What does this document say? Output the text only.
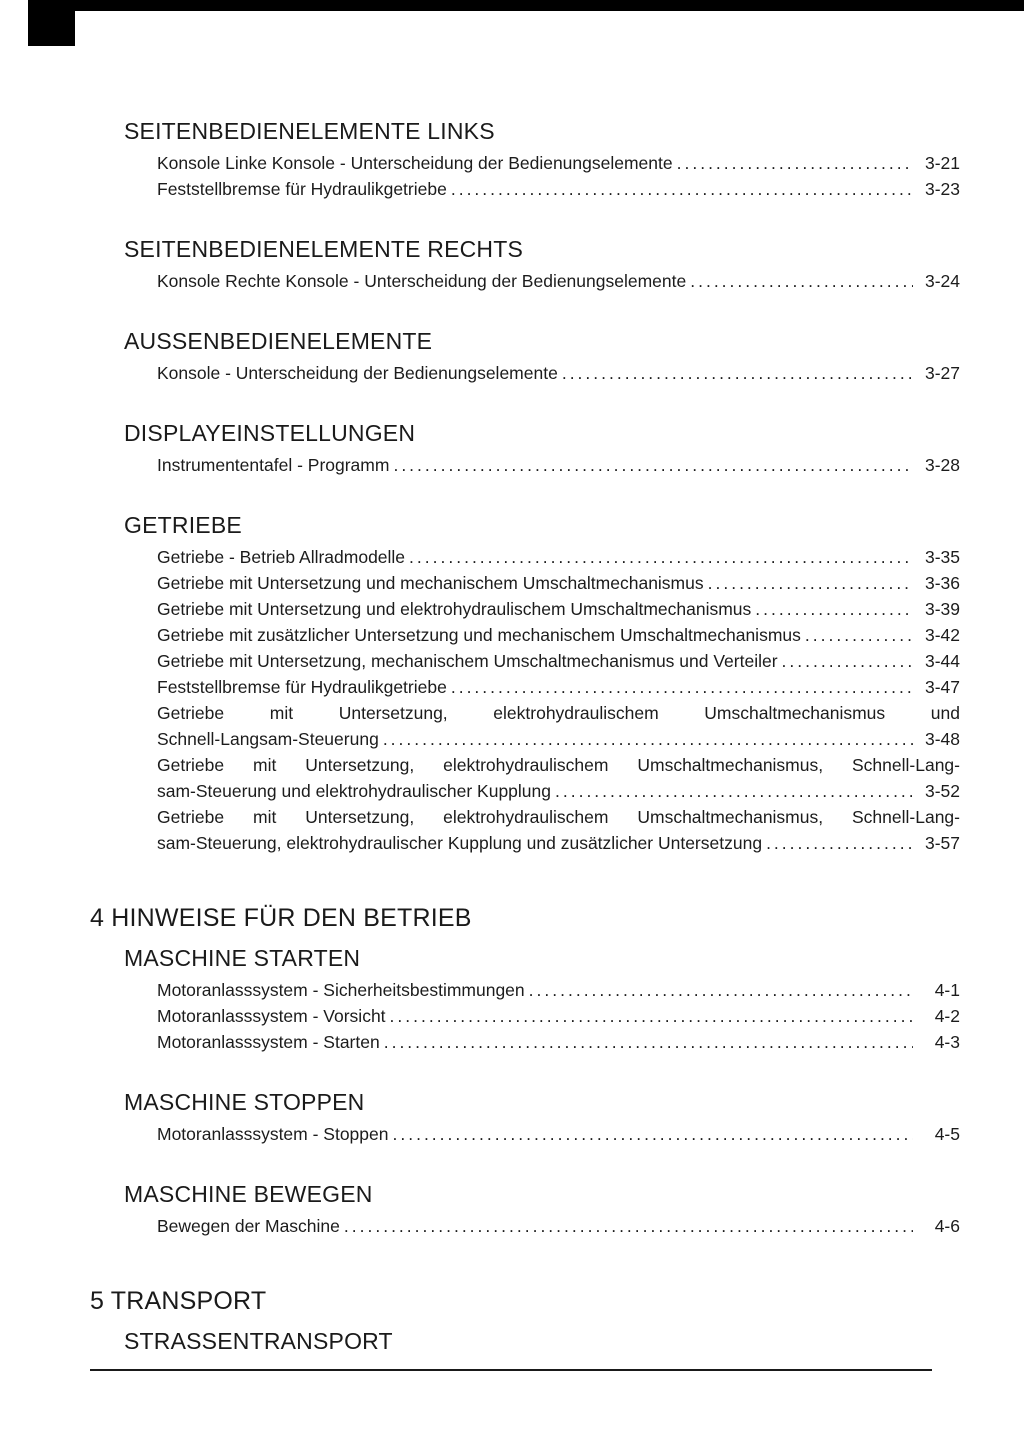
SEITENBEDIENELEMENTE LINKS
Konsole Linke Konsole - Unterscheidung der Bedienungselemente .....	3-21
Feststellbremse für Hydraulikgetriebe .....	3-23
SEITENBEDIENELEMENTE RECHTS
Konsole Rechte Konsole - Unterscheidung der Bedienungselemente .....	3-24
AUSSENBEDIENELEMENTE
Konsole - Unterscheidung der Bedienungselemente .....	3-27
DISPLAYEINSTELLUNGEN
Instrumententafel - Programm .....	3-28
GETRIEBE
Getriebe - Betrieb Allradmodelle .....	3-35
Getriebe mit Untersetzung und mechanischem Umschaltmechanismus .....	3-36
Getriebe mit Untersetzung und elektrohydraulischem Umschaltmechanismus .....	3-39
Getriebe mit zusätzlicher Untersetzung und mechanischem Umschaltmechanismus .....	3-42
Getriebe mit Untersetzung, mechanischem Umschaltmechanismus und Verteiler .....	3-44
Feststellbremse für Hydraulikgetriebe .....	3-47
Getriebe mit Untersetzung, elektrohydraulischem Umschaltmechanismus und
Schnell-Langsam-Steuerung .....	3-48
Getriebe mit Untersetzung, elektrohydraulischem Umschaltmechanismus, Schnell-Lang-
sam-Steuerung und elektrohydraulischer Kupplung .....	3-52
Getriebe mit Untersetzung, elektrohydraulischem Umschaltmechanismus, Schnell-Lang-
sam-Steuerung, elektrohydraulischer Kupplung und zusätzlicher Untersetzung .....	3-57
4 HINWEISE FÜR DEN BETRIEB
MASCHINE STARTEN
Motoranlasssystem - Sicherheitsbestimmungen .....	4-1
Motoranlasssystem - Vorsicht .....	4-2
Motoranlasssystem - Starten .....	4-3
MASCHINE STOPPEN
Motoranlasssystem - Stoppen .....	4-5
MASCHINE BEWEGEN
Bewegen der Maschine .....	4-6
5 TRANSPORT
STRASSENTRANSPORT
